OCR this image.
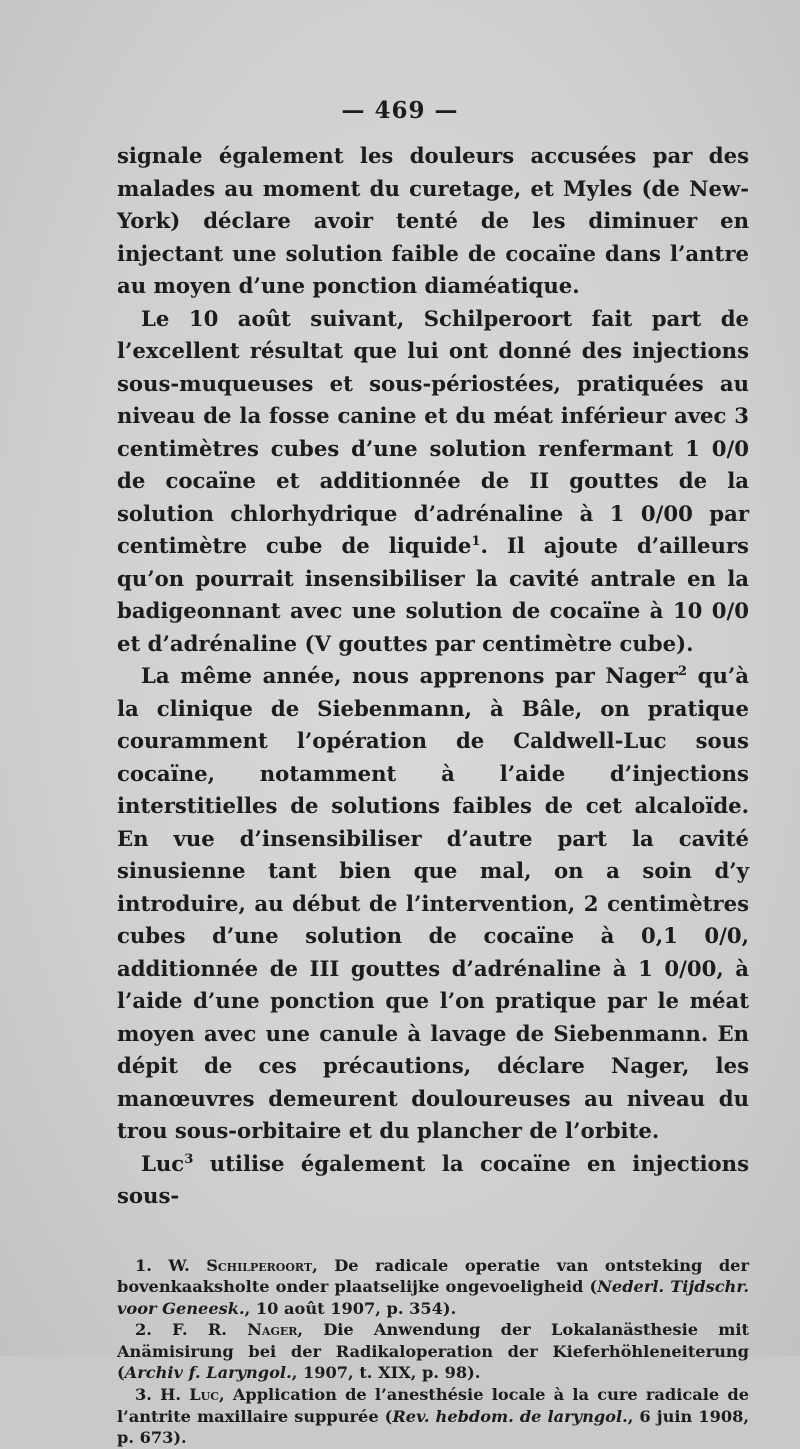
— 469 —

signale également les douleurs accusées par des malades au moment du curetage, et Myles (de New-York) déclare avoir tenté de les diminuer en injectant une solution faible de cocaïne dans l’antre au moyen d’une ponction diaméatique.

Le 10 août suivant, Schilperoort fait part de l’excellent résultat que lui ont donné des injections sous-muqueuses et sous-périostées, pratiquées au niveau de la fosse canine et du méat inférieur avec 3 centimètres cubes d’une solution renfermant 1 0/0 de cocaïne et additionnée de II gouttes de la solution chlorhydrique d’adrénaline à 1 0/00 par centimètre cube de liquide$^1$. Il ajoute d’ailleurs qu’on pourrait insensibiliser la cavité antrale en la badigeonnant avec une solution de cocaïne à 10 0/0 et d’adrénaline (V gouttes par centimètre cube).

La même année, nous apprenons par Nager$^2$ qu’à la clinique de Siebenmann, à Bâle, on pratique couramment l’opération de Caldwell-Luc sous cocaïne, notamment à l’aide d’injections interstitielles de solutions faibles de cet alcaloïde. En vue d’insensibiliser d’autre part la cavité sinusienne tant bien que mal, on a soin d’y introduire, au début de l’intervention, 2 centimètres cubes d’une solution de cocaïne à 0,1 0/0, additionnée de III gouttes d’adrénaline à 1 0/00, à l’aide d’une ponction que l’on pratique par le méat moyen avec une canule à lavage de Siebenmann. En dépit de ces précautions, déclare Nager, les manœuvres demeurent douloureuses au niveau du trou sous-orbitaire et du plancher de l’orbite.

Luc$^3$ utilise également la cocaïne en injections sous-

1. W. Schilperoort, De radicale operatie van ontsteking der bovenkaaksholte onder plaatselijke ongevoeligheid (Nederl. Tijdschr. voor Geneesk., 10 août 1907, p. 354).

2. F. R. Nager, Die Anwendung der Lokalanästhesie mit Anämisirung bei der Radikaloperation der Kieferhöhleneiterung (Archiv f. Laryngol., 1907, t. XIX, p. 98).

3. H. Luc, Application de l’anesthésie locale à la cure radicale de l’antrite maxillaire suppurée (Rev. hebdom. de laryngol., 6 juin 1908, p. 673).
